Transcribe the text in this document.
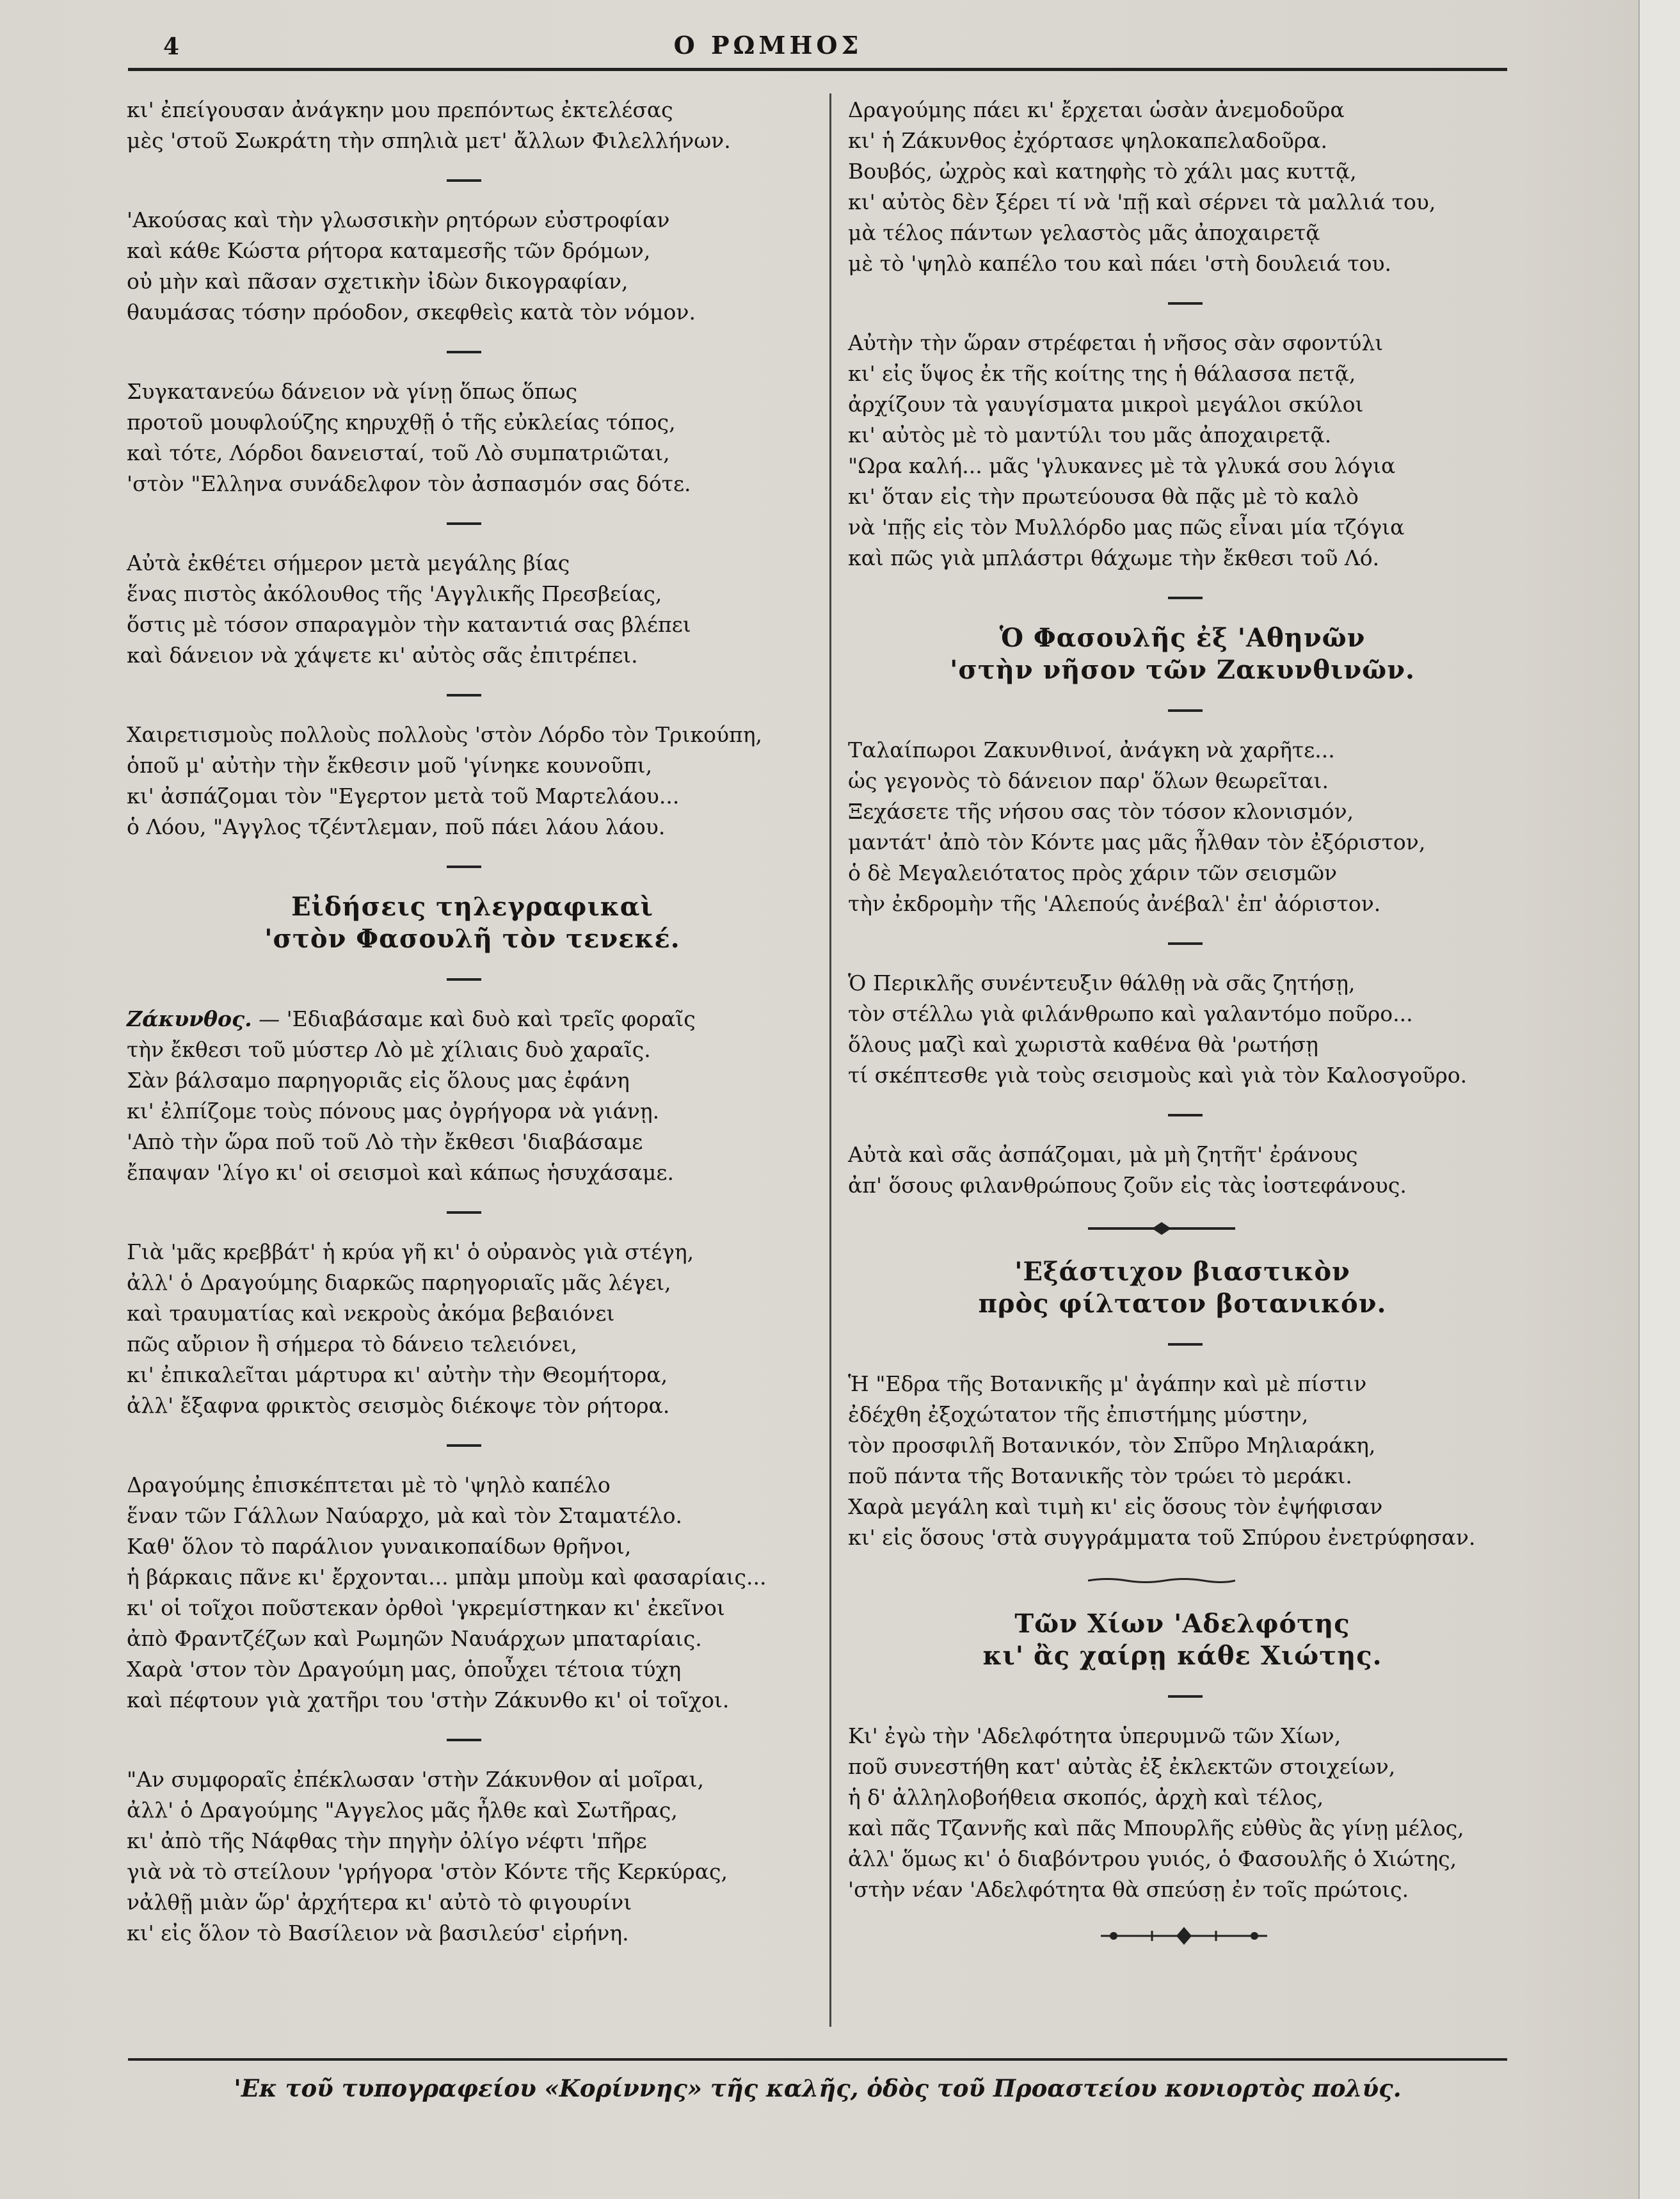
4	Ο ΡΩΜΗΟΣ

κι' ἐπείγουσαν ἀνάγκην μου πρεπόντως ἐκτελέσας

μὲς 'στοῦ Σωκράτη τὴν σπηλιὰ μετ' ἄλλων Φιλελλήνων.

'Ακούσας καὶ τὴν γλωσσικὴν ρητόρων εὐστροφίαν

καὶ κάθε Κώστα ρήτορα καταμεσῆς τῶν δρόμων,

οὐ μὴν καὶ πᾶσαν σχετικὴν ἰδὼν δικογραφίαν,

θαυμάσας τόσην πρόοδον, σκεφθεὶς κατὰ τὸν νόμον.

Συγκατανεύω δάνειον νὰ γίνῃ ὅπως ὅπως

προτοῦ μουφλούζης κηρυχθῇ ὁ τῆς εὐκλείας τόπος,

καὶ τότε, Λόρδοι δανεισταί, τοῦ Λὸ συμπατριῶται,

'στὸν "Ελληνα συνάδελφον τὸν ἀσπασμόν σας δότε.

Αὐτὰ ἐκθέτει σήμερον μετὰ μεγάλης βίας

ἕνας πιστὸς ἀκόλουθος τῆς 'Αγγλικῆς Πρεσβείας,

ὅστις μὲ τόσον σπαραγμὸν τὴν καταντιά σας βλέπει

καὶ δάνειον νὰ χάψετε κι' αὐτὸς σᾶς ἐπιτρέπει.

Χαιρετισμοὺς πολλοὺς πολλοὺς 'στὸν Λόρδο τὸν Τρικούπη,

ὁποῦ μ' αὐτὴν τὴν ἔκθεσιν μοῦ 'γίνηκε κουνοῦπι,

κι' ἀσπάζομαι τὸν "Εγερτον μετὰ τοῦ Μαρτελάου...

ὁ Λόου, "Αγγλος τζέντλεμαν, ποῦ πάει λάου λάου.

Εἰδήσεις τηλεγραφικαὶ
'στὸν Φασουλῆ τὸν τενεκέ.

Ζάκυνθος. — 'Εδιαβάσαμε καὶ δυὸ καὶ τρεῖς φοραῖς

τὴν ἔκθεσι τοῦ μύστερ Λὸ μὲ χίλιαις δυὸ χαραῖς.

Σὰν βάλσαμο παρηγοριᾶς εἰς ὅλους μας ἐφάνη

κι' ἐλπίζομε τοὺς πόνους μας ὀγρήγορα νὰ γιάνῃ.

'Απὸ τὴν ὥρα ποῦ τοῦ Λὸ τὴν ἔκθεσι 'διαβάσαμε

ἔπαψαν 'λίγο κι' οἱ σεισμοὶ καὶ κάπως ἡσυχάσαμε.

Γιὰ 'μᾶς κρεββάτ' ἡ κρύα γῆ κι' ὁ οὐρανὸς γιὰ στέγη,

ἀλλ' ὁ Δραγούμης διαρκῶς παρηγοριαῖς μᾶς λέγει,

καὶ τραυματίας καὶ νεκροὺς ἀκόμα βεβαιόνει

πῶς αὔριον ἢ σήμερα τὸ δάνειο τελειόνει,

κι' ἐπικαλεῖται μάρτυρα κι' αὐτὴν τὴν Θεομήτορα,

ἀλλ' ἔξαφνα φρικτὸς σεισμὸς διέκοψε τὸν ρήτορα.

Δραγούμης ἐπισκέπτεται μὲ τὸ 'ψηλὸ καπέλο

ἕναν τῶν Γάλλων Ναύαρχο, μὰ καὶ τὸν Σταματέλο.

Καθ' ὅλον τὸ παράλιον γυναικοπαίδων θρῆνοι,

ἡ βάρκαις πᾶνε κι' ἔρχονται... μπὰμ μποὺμ καὶ φασαρίαις...

κι' οἱ τοῖχοι ποῦστεκαν ὀρθοὶ 'γκρεμίστηκαν κι' ἐκεῖνοι

ἀπὸ Φραντζέζων καὶ Ρωμηῶν Ναυάρχων μπαταρίαις.

Χαρὰ 'στον τὸν Δραγούμη μας, ὁποὖχει τέτοια τύχη

καὶ πέφτουν γιὰ χατῆρι του 'στὴν Ζάκυνθο κι' οἱ τοῖχοι.

"Αν συμφοραῖς ἐπέκλωσαν 'στὴν Ζάκυνθον αἱ μοῖραι,

ἀλλ' ὁ Δραγούμης "Αγγελος μᾶς ἦλθε καὶ Σωτῆρας,

κι' ἀπὸ τῆς Νάφθας τὴν πηγὴν ὀλίγο νέφτι 'πῆρε

γιὰ νὰ τὸ στείλουν 'γρήγορα 'στὸν Κόντε τῆς Κερκύρας,

νἀλθῇ μιὰν ὥρ' ἀρχήτερα κι' αὐτὸ τὸ φιγουρίνι

κι' εἰς ὅλον τὸ Βασίλειον νὰ βασιλεύσ' εἰρήνη.

Δραγούμης πάει κι' ἔρχεται ὡσὰν ἀνεμοδοῦρα

κι' ἡ Ζάκυνθος ἐχόρτασε ψηλοκαπελαδοῦρα.

Βουβός, ὠχρὸς καὶ κατηφὴς τὸ χάλι μας κυττᾷ,

κι' αὐτὸς δὲν ξέρει τί νὰ 'πῇ καὶ σέρνει τὰ μαλλιά του,

μὰ τέλος πάντων γελαστὸς μᾶς ἀποχαιρετᾷ

μὲ τὸ 'ψηλὸ καπέλο του καὶ πάει 'στὴ δουλειά του.

Αὐτὴν τὴν ὥραν στρέφεται ἡ νῆσος σὰν σφοντύλι

κι' εἰς ὕψος ἐκ τῆς κοίτης της ἡ θάλασσα πετᾷ,

ἀρχίζουν τὰ γαυγίσματα μικροὶ μεγάλοι σκύλοι

κι' αὐτὸς μὲ τὸ μαντύλι του μᾶς ἀποχαιρετᾷ.

"Ωρα καλή... μᾶς 'γλυκανες μὲ τὰ γλυκά σου λόγια

κι' ὅταν εἰς τὴν πρωτεύουσα θὰ πᾷς μὲ τὸ καλὸ

νὰ 'πῇς εἰς τὸν Μυλλόρδο μας πῶς εἶναι μία τζόγια

καὶ πῶς γιὰ μπλάστρι θάχωμε τὴν ἔκθεσι τοῦ Λό.

Ὁ Φασουλῆς ἐξ 'Αθηνῶν
'στὴν νῆσον τῶν Ζακυνθινῶν.

Ταλαίπωροι Ζακυνθινοί, ἀνάγκη νὰ χαρῆτε...

ὡς γεγονὸς τὸ δάνειον παρ' ὅλων θεωρεῖται.

Ξεχάσετε τῆς νήσου σας τὸν τόσον κλονισμόν,

μαντάτ' ἀπὸ τὸν Κόντε μας μᾶς ἦλθαν τὸν ἐξόριστον,

ὁ δὲ Μεγαλειότατος πρὸς χάριν τῶν σεισμῶν

τὴν ἐκδρομὴν τῆς 'Αλεπούς ἀνέβαλ' ἐπ' ἀόριστον.

Ὁ Περικλῆς συνέντευξιν θάλθῃ νὰ σᾶς ζητήσῃ,

τὸν στέλλω γιὰ φιλάνθρωπο καὶ γαλαντόμο ποῦρο...

ὅλους μαζὶ καὶ χωριστὰ καθένα θὰ 'ρωτήσῃ

τί σκέπτεσθε γιὰ τοὺς σεισμοὺς καὶ γιὰ τὸν Καλοσγοῦρο.

Αὐτὰ καὶ σᾶς ἀσπάζομαι, μὰ μὴ ζητῆτ' ἐράνους

ἀπ' ὅσους φιλανθρώπους ζοῦν εἰς τὰς ἰοστεφάνους.

'Εξάστιχον βιαστικὸν
πρὸς φίλτατον βοτανικόν.

Ἡ "Εδρα τῆς Βοτανικῆς μ' ἀγάπην καὶ μὲ πίστιν

ἐδέχθη ἐξοχώτατον τῆς ἐπιστήμης μύστην,

τὸν προσφιλῆ Βοτανικόν, τὸν Σπῦρο Μηλιαράκη,

ποῦ πάντα τῆς Βοτανικῆς τὸν τρώει τὸ μεράκι.

Χαρὰ μεγάλη καὶ τιμὴ κι' εἰς ὅσους τὸν ἐψήφισαν

κι' εἰς ὅσους 'στὰ συγγράμματα τοῦ Σπύρου ἐνετρύφησαν.

Τῶν Χίων 'Αδελφότης
κι' ἂς χαίρῃ κάθε Χιώτης.

Κι' ἐγὼ τὴν 'Αδελφότητα ὑπερυμνῶ τῶν Χίων,

ποῦ συνεστήθη κατ' αὐτὰς ἐξ ἐκλεκτῶν στοιχείων,

ἡ δ' ἀλληλοβοήθεια σκοπός, ἀρχὴ καὶ τέλος,

καὶ πᾶς Τζαννῆς καὶ πᾶς Μπουρλῆς εὐθὺς ἂς γίνῃ μέλος,

ἀλλ' ὅμως κι' ὁ διαβόντρου γυιός, ὁ Φασουλῆς ὁ Χιώτης,

'στὴν νέαν 'Αδελφότητα θὰ σπεύσῃ ἐν τοῖς πρώτοις.

'Εκ τοῦ τυπογραφείου «Κορίννης» τῆς καλῆς, ὁδὸς τοῦ Προαστείου κονιορτὸς πολύς.
